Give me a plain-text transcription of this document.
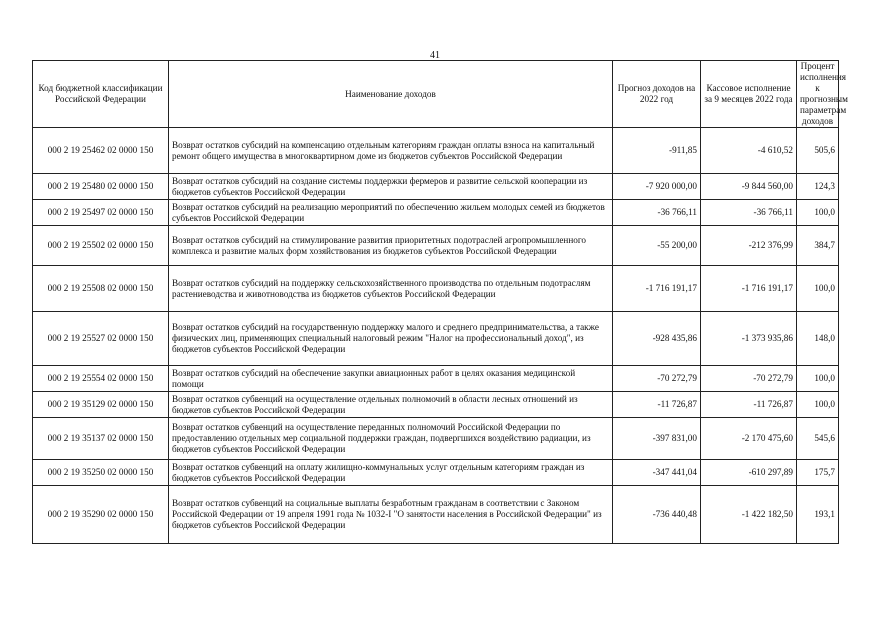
41
Код бюджетной классификации Российской Федерации	Наименование доходов	Прогноз доходов на 2022 год	Кассовое исполнение за 9 месяцев 2022 года	Процент исполнения к прогнозным параметрам доходов
000 2 19 25462 02 0000 150	Возврат остатков субсидий на компенсацию отдельным категориям граждан оплаты взноса на капитальный ремонт общего имущества в многоквартирном доме из бюджетов субъектов Российской Федерации	-911,85	-4 610,52	505,6
000 2 19 25480 02 0000 150	Возврат остатков субсидий на создание системы поддержки фермеров и развитие сельской кооперации из бюджетов субъектов Российской Федерации	-7 920 000,00	-9 844 560,00	124,3
000 2 19 25497 02 0000 150	Возврат остатков субсидий на реализацию мероприятий по обеспечению жильем молодых семей из бюджетов субъектов Российской Федерации	-36 766,11	-36 766,11	100,0
000 2 19 25502 02 0000 150	Возврат остатков субсидий на стимулирование развития приоритетных подотраслей агропромышленного комплекса и развитие малых форм хозяйствования из бюджетов субъектов Российской Федерации	-55 200,00	-212 376,99	384,7
000 2 19 25508 02 0000 150	Возврат остатков субсидий на поддержку сельскохозяйственного производства по отдельным подотраслям растениеводства и животноводства из бюджетов субъектов Российской Федерации	-1 716 191,17	-1 716 191,17	100,0
000 2 19 25527 02 0000 150	Возврат остатков субсидий на государственную поддержку малого и среднего предпринимательства, а также физических лиц, применяющих специальный налоговый режим "Налог на профессиональный доход", из бюджетов субъектов Российской Федерации	-928 435,86	-1 373 935,86	148,0
000 2 19 25554 02 0000 150	Возврат остатков субсидий на обеспечение закупки авиационных работ в целях оказания медицинской помощи	-70 272,79	-70 272,79	100,0
000 2 19 35129 02 0000 150	Возврат остатков субвенций на осуществление отдельных полномочий в области лесных отношений из бюджетов субъектов Российской Федерации	-11 726,87	-11 726,87	100,0
000 2 19 35137 02 0000 150	Возврат остатков субвенций на осуществление переданных полномочий Российской Федерации по предоставлению отдельных мер социальной поддержки граждан, подвергшихся воздействию радиации, из бюджетов субъектов Российской Федерации	-397 831,00	-2 170 475,60	545,6
000 2 19 35250 02 0000 150	Возврат остатков субвенций на оплату жилищно-коммунальных услуг отдельным категориям граждан из бюджетов субъектов Российской Федерации	-347 441,04	-610 297,89	175,7
000 2 19 35290 02 0000 150	Возврат остатков субвенций на социальные выплаты безработным гражданам в соответствии с Законом Российской Федерации от 19 апреля 1991 года № 1032-I "О занятости населения в Российской Федерации" из бюджетов субъектов Российской Федерации	-736 440,48	-1 422 182,50	193,1
